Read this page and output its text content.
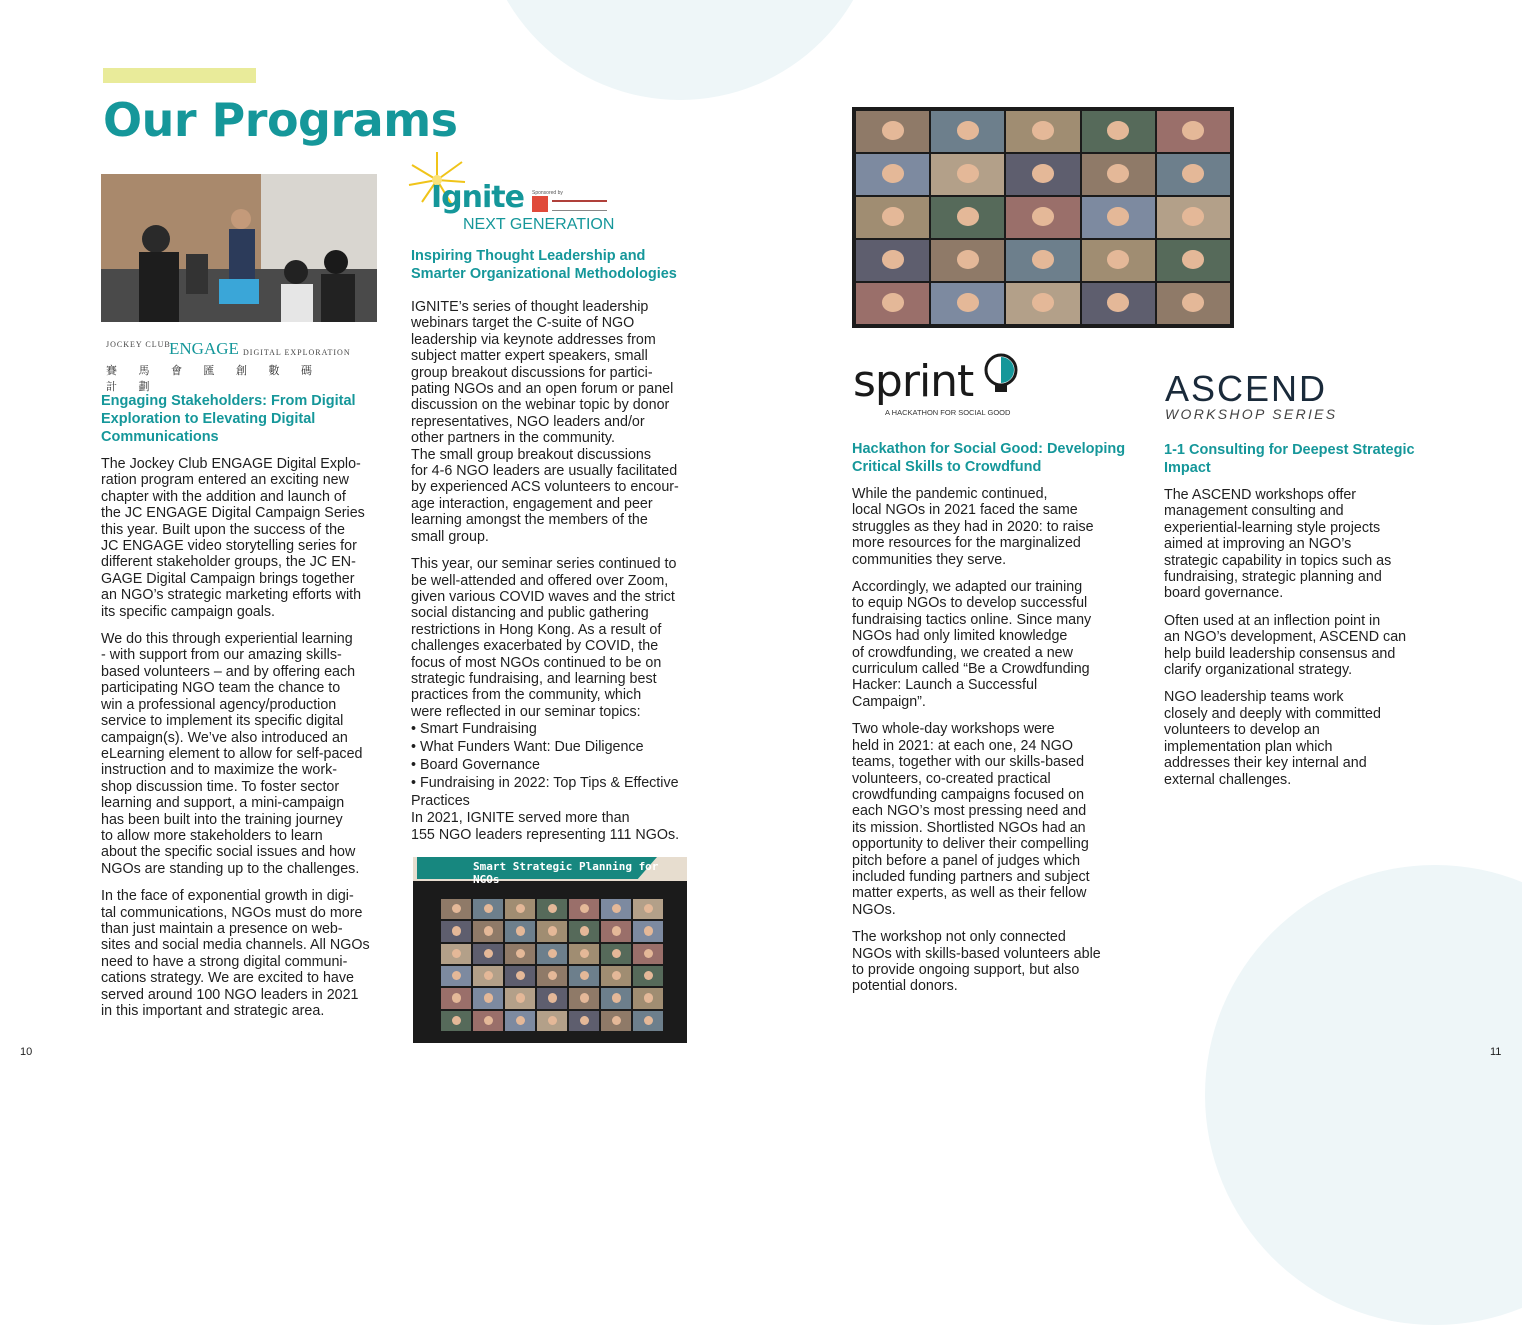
Our Programs
JOCKEY CLUB
ENGAGE DIGITAL EXPLORATION
賽 馬 會 匯 創 數 碼 計 劃
Engaging Stakeholders: From Digital Exploration to Elevating Digital Communications
The Jockey Club ENGAGE Digital Explo-
ration program entered an exciting new
chapter with the addition and launch of
the JC ENGAGE Digital Campaign Series
this year. Built upon the success of the
JC ENGAGE video storytelling series for
different stakeholder groups, the JC EN-
GAGE Digital Campaign brings together
an NGO’s strategic marketing efforts with
its specific campaign goals.
We do this through experiential learning
- with support from our amazing skills-
based volunteers – and by offering each
participating NGO team the chance to
win a professional agency/production
service to implement its specific digital
campaign(s). We’ve also introduced an
eLearning element to allow for self-paced
instruction and to maximize the work-
shop discussion time. To foster sector
learning and support, a mini-campaign
has been built into the training journey
to allow more stakeholders to learn
about the specific social issues and how
NGOs are standing up to the challenges.
In the face of exponential growth in digi-
tal communications, NGOs must do more
than just maintain a presence on web-
sites and social media channels. All NGOs
need to have a strong digital communi-
cations strategy. We are excited to have
served around 100 NGO leaders in 2021
in this important and strategic area.
Ignite
NEXT GENERATION
Sponsored by
Inspiring Thought Leadership and Smarter Organizational Methodologies
IGNITE’s series of thought leadership
webinars target the C-suite of NGO
leadership via keynote addresses from
subject matter expert speakers, small
group breakout discussions for partici-
pating NGOs and an open forum or panel
discussion on the webinar topic by donor
representatives, NGO leaders and/or
other partners in the community.
The small group breakout discussions
for 4-6 NGO leaders are usually facilitated
by experienced ACS volunteers to encour-
age interaction, engagement and peer
learning amongst the members of the
small group.
This year, our seminar series continued to
be well-attended and offered over Zoom,
given various COVID waves and the strict
social distancing and public gathering
restrictions in Hong Kong. As a result of
challenges exacerbated by COVID, the
focus of most NGOs continued to be on
strategic fundraising, and learning best
practices from the community, which
were reflected in our seminar topics:
• Smart Fundraising
• What Funders Want: Due Diligence
• Board Governance
• Fundraising in 2022: Top Tips & Effective Practices
In 2021, IGNITE served more than
155 NGO leaders representing 111 NGOs.
Smart Strategic Planning for NGOs
sprint
A HACKATHON FOR SOCIAL GOOD
Hackathon for Social Good: Developing Critical Skills to Crowdfund
While the pandemic continued,
local NGOs in 2021 faced the same
struggles as they had in 2020: to raise
more resources for the marginalized
communities they serve.
Accordingly, we adapted our training
to equip NGOs to develop successful
fundraising tactics online. Since many
NGOs had only limited knowledge
of crowdfunding, we created a new
curriculum called “Be a Crowdfunding
Hacker: Launch a Successful
Campaign”.
Two whole-day workshops were
held in 2021: at each one, 24 NGO
teams, together with our skills-based
volunteers, co-created practical
crowdfunding campaigns focused on
each NGO’s most pressing need and
its mission. Shortlisted NGOs had an
opportunity to deliver their compelling
pitch before a panel of judges which
included funding partners and subject
matter experts, as well as their fellow
NGOs.
The workshop not only connected
NGOs with skills-based volunteers able
to provide ongoing support, but also
potential donors.
ASCEND
WORKSHOP SERIES
1-1 Consulting for Deepest Strategic Impact
The ASCEND workshops offer
management consulting and
experiential-learning style projects
aimed at improving an NGO’s
strategic capability in topics such as
fundraising, strategic planning and
board governance.
Often used at an inflection point in
an NGO’s development, ASCEND can
help build leadership consensus and
clarify organizational strategy.
NGO leadership teams work
closely and deeply with committed
volunteers to develop an
implementation plan which
addresses their key internal and
external challenges.
10	11
